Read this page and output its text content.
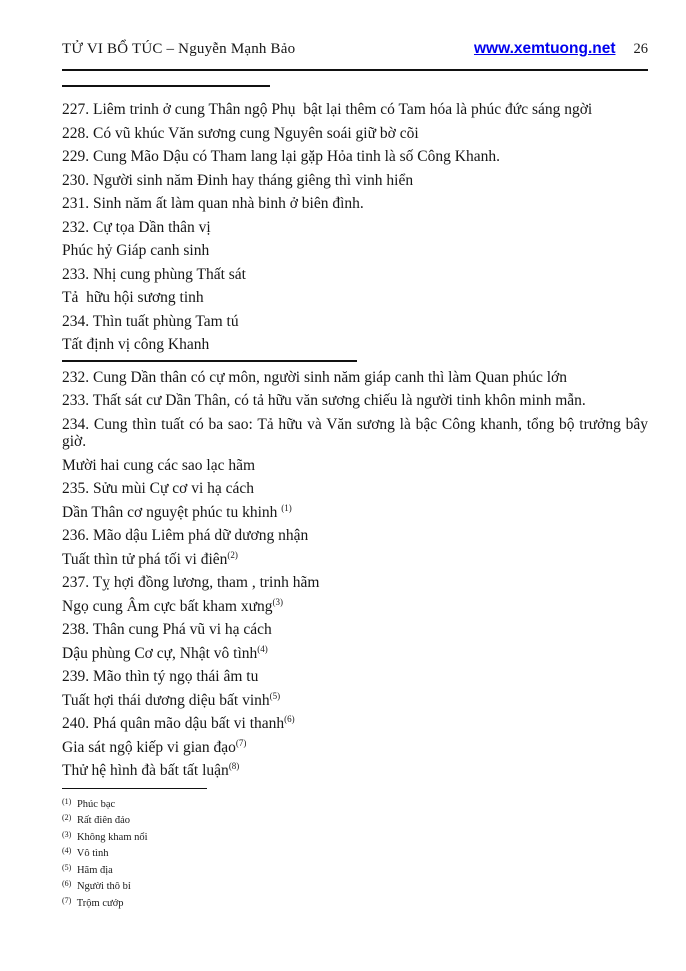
TỬ VI BỔ TÚC – Nguyễn Mạnh Bảo	www.xemtuong.net 26

227. Liêm trinh ở cung Thân ngộ Phụ  bật lại thêm có Tam hóa là phúc đức sáng ngời

228. Có vũ khúc Văn sương cung Nguyên soái giữ bờ cõi

229. Cung Mão Dậu có Tham lang lại gặp Hỏa tinh là số Công Khanh.

230. Người sinh năm Đinh hay tháng giêng thì vinh hiển

231. Sinh năm ất làm quan nhà binh ở biên đình.

232. Cự tọa Dần thân vị

Phúc hỷ Giáp canh sinh

233. Nhị cung phùng Thất sát

Tả  hữu hội sương tinh

234. Thìn tuất phùng Tam tú

Tất định vị công Khanh

232. Cung Dần thân có cự môn, người sinh năm giáp canh thì làm Quan phúc lớn

233. Thất sát cư Dần Thân, có tả hữu văn sương chiếu là người tinh khôn minh mẫn.

234. Cung thìn tuất có ba sao: Tả hữu và Văn sương là bậc Công khanh, tổng bộ trưởng bây giờ.

Mười hai cung các sao lạc hãm

235. Sửu mùi Cự cơ vi hạ cách

Dần Thân cơ nguyệt phúc tu khinh $^{(1)}$

236. Mão dậu Liêm phá dữ dương nhận

Tuất thìn tử phá tối vi điên$^{(2)}$

237. Tỵ hợi đồng lương, tham , trinh hãm

Ngọ cung Âm cực bất kham xưng$^{(3)}$

238. Thân cung Phá vũ vi hạ cách

Dậu phùng Cơ cự, Nhật vô tình$^{(4)}$

239. Mão thìn tý ngọ thái âm tu

Tuất hợi thái dương diệu bất vinh$^{(5)}$

240. Phá quân mão dậu bất vi thanh$^{(6)}$

Gia sát ngộ kiếp vi gian đạo$^{(7)}$

Thử hệ hình đà bất tất luận$^{(8)}$

$^{(1)}$ Phúc bạc

$^{(2)}$ Rất điên đảo

$^{(3)}$ Không kham nổi

$^{(4)}$ Vô tình

$^{(5)}$ Hãm địa

$^{(6)}$ Người thô bỉ

$^{(7)}$ Trộm cướp
